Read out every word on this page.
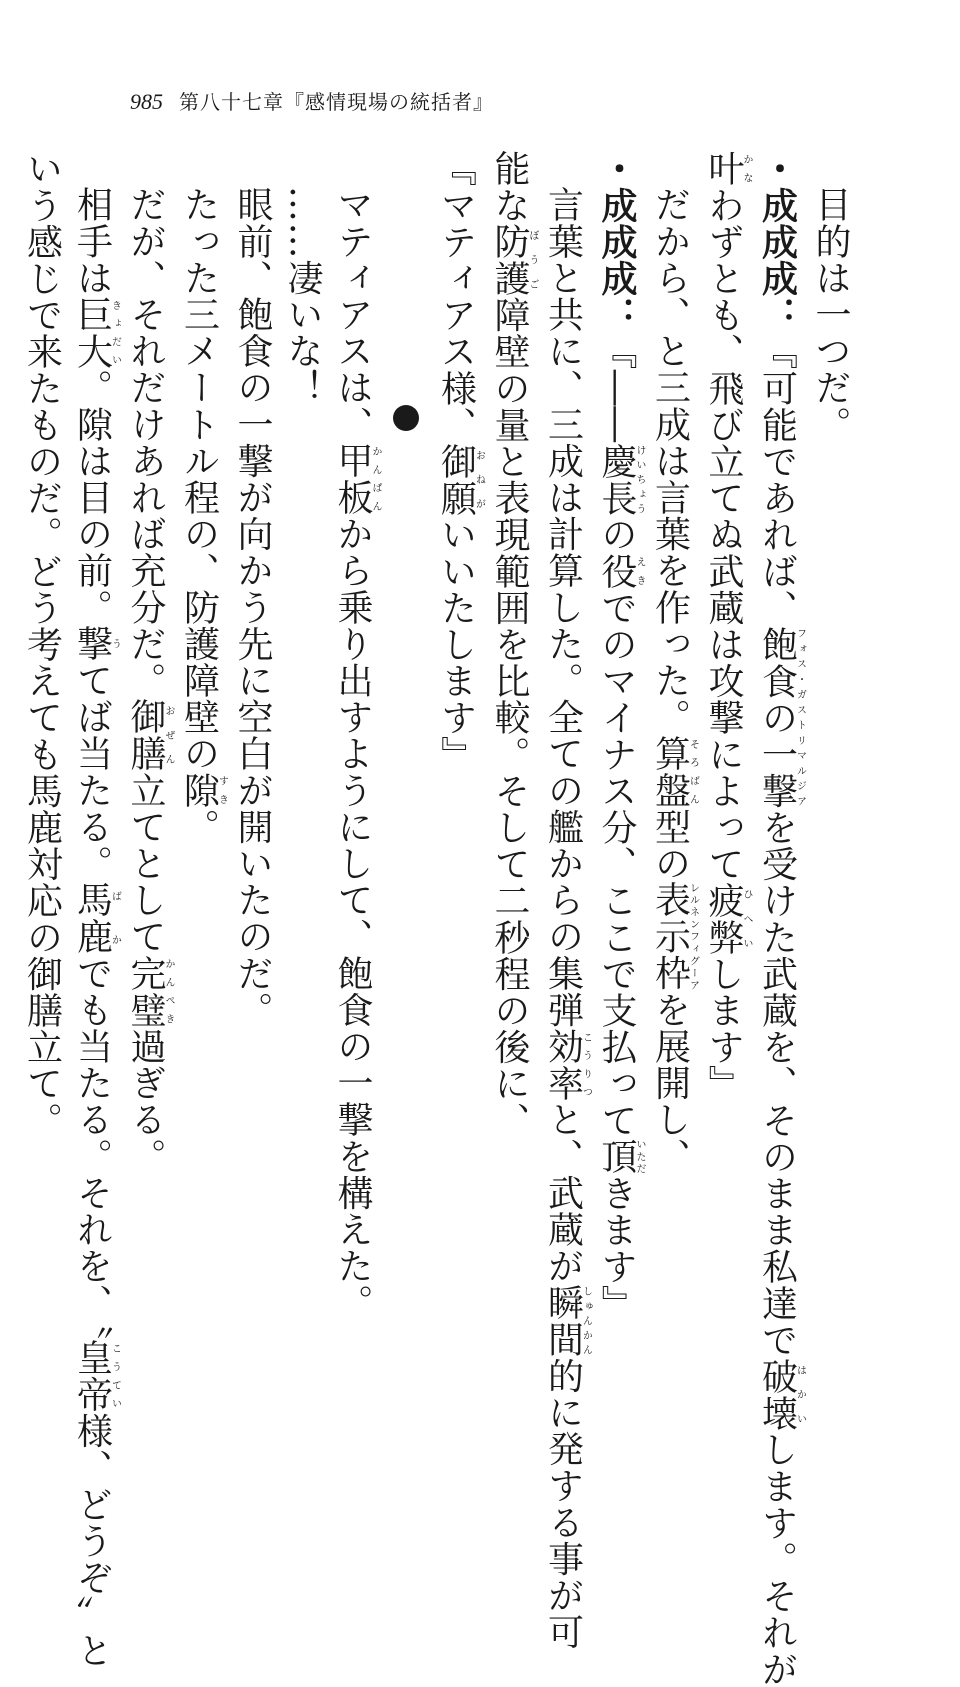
985 第八十七章『感情現場の統括者』
目的は一つだ。
・成成成：『可能であれば、飽食の一撃フォス・ガストリマルジアを受けた武蔵を、そのまま私達で破壊はかいします。それが
叶かなわずとも、飛び立てぬ武蔵は攻撃によって疲弊ひへいします』
だから、と三成は言葉を作った。算盤そろばん型の表示枠レルネンフィグーアを展開し、
・成成成：『――慶長けいちょうの役えきでのマイナス分、ここで支払って頂いただきます』
言葉と共に、三成は計算した。全ての艦からの集弾効率こうりつと、武蔵が瞬間しゅんかん的に発する事が可
能な防護ぼうご障壁の量と表現範囲を比較。そして二秒程の後に、
『マティアス様、御願おねがいいたします』
マティアスは、甲板かんぱんから乗り出すようにして、飽食の一撃を構えた。
……凄いな！
眼前、飽食の一撃が向かう先に空白が開いたのだ。
たった三メートル程の、防護障壁の隙すき。
だが、それだけあれば充分だ。御膳おぜん立てとして完璧かんぺき過ぎる。
相手は巨大きょだい。隙は目の前。撃うてば当たる。馬鹿ばかでも当たる。それを、〝皇帝こうてい様、どうぞ〟と
いう感じで来たものだ。どう考えても馬鹿対応の御膳立て。
